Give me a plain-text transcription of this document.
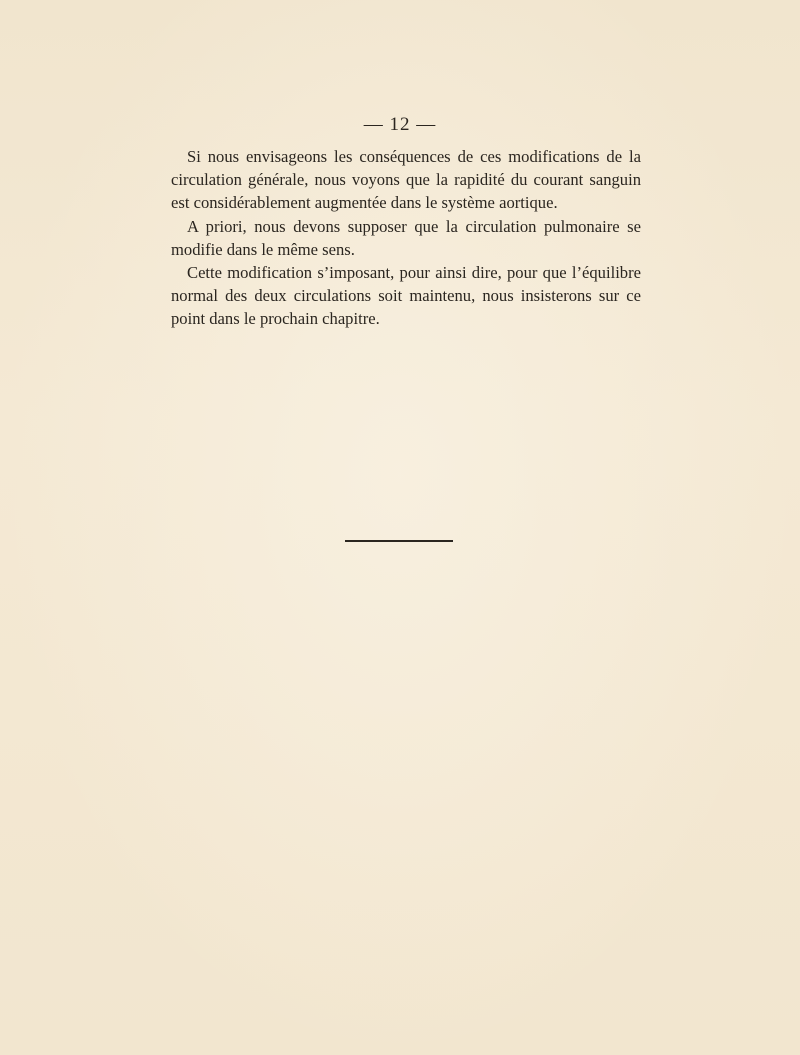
— 12 —

Si nous envisageons les conséquences de ces modifications de la circulation générale, nous voyons que la rapidité du courant sanguin est considérablement augmentée dans le système aortique.

A priori, nous devons supposer que la circulation pulmonaire se modifie dans le même sens.

Cette modification s’imposant, pour ainsi dire, pour que l’équilibre normal des deux circulations soit maintenu, nous insisterons sur ce point dans le prochain chapitre.
